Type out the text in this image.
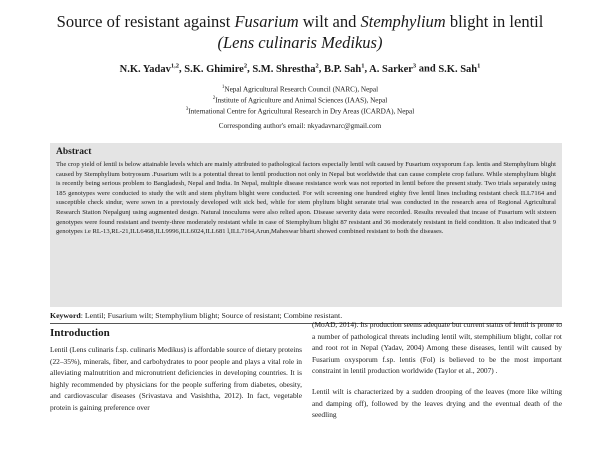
Source of resistant against Fusarium wilt and Stemphylium blight in lentil
(Lens culinaris Medikus)
N.K. Yadav$^{1,2}$, S.K. Ghimire$^2$, S.M. Shrestha$^2$, B.P. Sah$^1$, A. Sarker$^3$ and S.K. Sah$^1$
$^1$Nepal Agricultural Research Council (NARC), Nepal
$^2$Institute of Agriculture and Animal Sciences (IAAS), Nepal
$^3$International Centre for Agricultural Research in Dry Areas (ICARDA), Nepal
Corresponding author's email: nkyadavnarc@gmail.com
Abstract
The crop yield of lentil is below attainable levels which are mainly attributed to pathological factors especially lentil wilt caused by Fusarium oxysporum f.sp. lentis and Stemphylium blight caused by Stemphylium botryosum .Fusarium wilt is a potential threat to lentil production not only in Nepal but worldwide that can cause complete crop failure. While stemphylium blight is recently being serious problem to Bangladesh, Nepal and India. In Nepal, multiple disease resistance work was not reported in lentil before the present study. Two trials separately using 185 genotypes were conducted to study the wilt and stem phylium blight were conducted. For wilt screening one hundred eighty five lentil lines including resistant check ILL7164 and susceptible check sindur, were sown in a previously developed wilt sick bed, while for stem phylium blight serarate trial was conducted in the research area of Regional Agricultural Research Station Nepalgunj using augmented design. Natural inoculums were also relied apon. Disease severity data were recorded. Results revealed that incase of Fusarium wilt sixteen genotypes were found resistant and twenty-three moderately resistant while in case of Stemphylium blight 87 resistant and 36 moderately resistant in field condition. It also indicated that 9 genotypes i.e RL-13,RL-21,ILL6468,ILL9996,ILL6024,ILL681 l,ILL7164,Arun,Maheswar bharti showed combined resistant to both the diseases.
Keyword: Lentil; Fusarium wilt; Stemphylium blight; Source of resistant; Combine resistant.
Introduction

Lentil (Lens culinaris f.sp. culinaris Medikus) is affordable source of dietary proteins (22–35%), minerals, fiber, and carbohydrates to poor people and plays a vital role in alleviating malnutrition and micronutrient deficiencies in developing countries. It is highly recommended by physicians for the people suffering from diabetes, obesity, and cardiovascular diseases (Srivastava and Vasishtha, 2012). In fact, vegetable protein is gaining preference over

(MoAD, 2014). Its production seems adequate but current status of lentil is prone to a number of pathological threats including lentil wilt, stemphilium blight, collar rot and root rot in Nepal (Yadav, 2004) Among these diseases, lentil wilt caused by Fusarium oxysporum f.sp. lentis (Fol) is believed to be the most important constraint in lentil production worldwide (Taylor et al., 2007) .

Lentil wilt is characterized by a sudden drooping of the leaves (more like wilting and damping off), followed by the leaves drying and the eventual death of the seedling
